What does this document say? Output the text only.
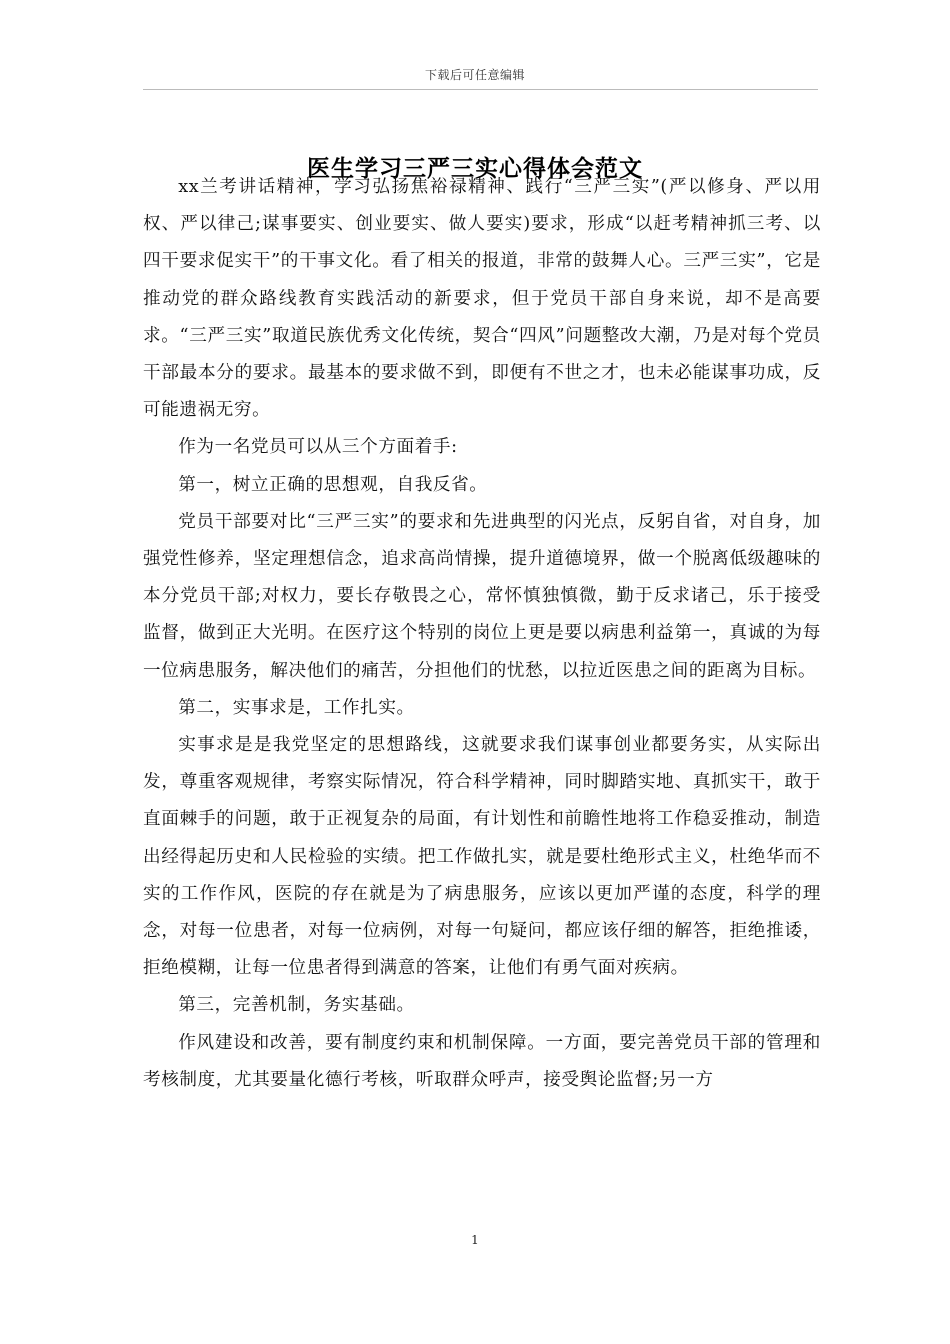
下载后可任意编辑
医生学习三严三实心得体会范文

xx兰考讲话精神，学习弘扬焦裕禄精神、践行“三严三实”(严以修身、严以用权、严以律己;谋事要实、创业要实、做人要实)要求，形成“以赶考精神抓三考、以四干要求促实干”的干事文化。看了相关的报道，非常的鼓舞人心。三严三实”，它是推动党的群众路线教育实践活动的新要求，但于党员干部自身来说，却不是高要求。“三严三实”取道民族优秀文化传统，契合“四风”问题整改大潮，乃是对每个党员干部最本分的要求。最基本的要求做不到，即便有不世之才，也未必能谋事功成，反可能遗祸无穷。

作为一名党员可以从三个方面着手:

第一，树立正确的思想观，自我反省。

党员干部要对比“三严三实”的要求和先进典型的闪光点，反躬自省，对自身，加强党性修养，坚定理想信念，追求高尚情操，提升道德境界，做一个脱离低级趣味的本分党员干部;对权力，要长存敬畏之心，常怀慎独慎微，勤于反求诸己，乐于接受监督，做到正大光明。在医疗这个特别的岗位上更是要以病患利益第一，真诚的为每一位病患服务，解决他们的痛苦，分担他们的忧愁，以拉近医患之间的距离为目标。

第二，实事求是，工作扎实。

实事求是是我党坚定的思想路线，这就要求我们谋事创业都要务实，从实际出发，尊重客观规律，考察实际情况，符合科学精神，同时脚踏实地、真抓实干，敢于直面棘手的问题，敢于正视复杂的局面，有计划性和前瞻性地将工作稳妥推动，制造出经得起历史和人民检验的实绩。把工作做扎实，就是要杜绝形式主义，杜绝华而不实的工作作风，医院的存在就是为了病患服务，应该以更加严谨的态度，科学的理念，对每一位患者，对每一位病例，对每一句疑问，都应该仔细的解答，拒绝推诿，拒绝模糊，让每一位患者得到满意的答案，让他们有勇气面对疾病。

第三，完善机制，务实基础。

作风建设和改善，要有制度约束和机制保障。一方面，要完善党员干部的管理和考核制度，尤其要量化德行考核，听取群众呼声，接受舆论监督;另一方

1
